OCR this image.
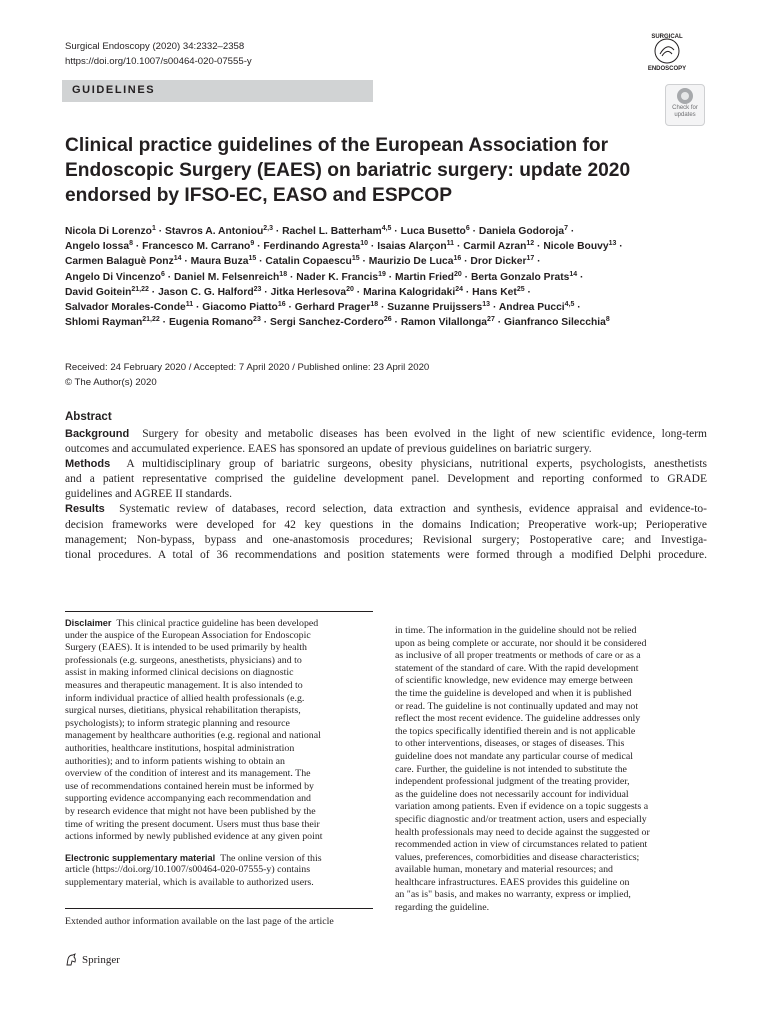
Surgical Endoscopy (2020) 34:2332–2358
https://doi.org/10.1007/s00464-020-07555-y
SURGICAL
ENDOSCOPY
GUIDELINES
Check for
updates
Clinical practice guidelines of the European Association for Endoscopic Surgery (EAES) on bariatric surgery: update 2020 endorsed by IFSO-EC, EASO and ESPCOP
Nicola Di Lorenzo$^1$ · Stavros A. Antoniou$^{2,3}$ · Rachel L. Batterham$^{4,5}$ · Luca Busetto$^6$ · Daniela Godoroja$^7$ ·
Angelo Iossa$^8$ · Francesco M. Carrano$^9$ · Ferdinando Agresta$^{10}$ · Isaias Alarçon$^{11}$ · Carmil Azran$^{12}$ · Nicole Bouvy$^{13}$ ·
Carmen Balaguè Ponz$^{14}$ · Maura Buza$^{15}$ · Catalin Copaescu$^{15}$ · Maurizio De Luca$^{16}$ · Dror Dicker$^{17}$ ·
Angelo Di Vincenzo$^6$ · Daniel M. Felsenreich$^{18}$ · Nader K. Francis$^{19}$ · Martin Fried$^{20}$ · Berta Gonzalo Prats$^{14}$ ·
David Goitein$^{21,22}$ · Jason C. G. Halford$^{23}$ · Jitka Herlesova$^{20}$ · Marina Kalogridaki$^{24}$ · Hans Ket$^{25}$ ·
Salvador Morales-Conde$^{11}$ · Giacomo Piatto$^{16}$ · Gerhard Prager$^{18}$ · Suzanne Pruijssers$^{13}$ · Andrea Pucci$^{4,5}$ ·
Shlomi Rayman$^{21,22}$ · Eugenia Romano$^{23}$ · Sergi Sanchez-Cordero$^{26}$ · Ramon Vilallonga$^{27}$ · Gianfranco Silecchia$^8$
Received: 24 February 2020 / Accepted: 7 April 2020 / Published online: 23 April 2020
© The Author(s) 2020
Abstract
Background Surgery for obesity and metabolic diseases has been evolved in the light of new scientific evidence, long-term
outcomes and accumulated experience. EAES has sponsored an update of previous guidelines on bariatric surgery.
Methods A multidisciplinary group of bariatric surgeons, obesity physicians, nutritional experts, psychologists, anesthetists
and a patient representative comprised the guideline development panel. Development and reporting conformed to GRADE
guidelines and AGREE II standards.
Results Systematic review of databases, record selection, data extraction and synthesis, evidence appraisal and evidence-to-
decision frameworks were developed for 42 key questions in the domains Indication; Preoperative work-up; Perioperative
management; Non-bypass, bypass and one-anastomosis procedures; Revisional surgery; Postoperative care; and Investiga-
tional procedures. A total of 36 recommendations and position statements were formed through a modified Delphi procedure.
Disclaimer This clinical practice guideline has been developed
under the auspice of the European Association for Endoscopic
Surgery (EAES). It is intended to be used primarily by health
professionals (e.g. surgeons, anesthetists, physicians) and to
assist in making informed clinical decisions on diagnostic
measures and therapeutic management. It is also intended to
inform individual practice of allied health professionals (e.g.
surgical nurses, dietitians, physical rehabilitation therapists,
psychologists); to inform strategic planning and resource
management by healthcare authorities (e.g. regional and national
authorities, healthcare institutions, hospital administration
authorities); and to inform patients wishing to obtain an
overview of the condition of interest and its management. The
use of recommendations contained herein must be informed by
supporting evidence accompanying each recommendation and
by research evidence that might not have been published by the
time of writing the present document. Users must thus base their
actions informed by newly published evidence at any given point
Electronic supplementary material The online version of this
article (https://doi.org/10.1007/s00464-020-07555-y) contains
supplementary material, which is available to authorized users.
Extended author information available on the last page of the article
in time. The information in the guideline should not be relied
upon as being complete or accurate, nor should it be considered
as inclusive of all proper treatments or methods of care or as a
statement of the standard of care. With the rapid development
of scientific knowledge, new evidence may emerge between
the time the guideline is developed and when it is published
or read. The guideline is not continually updated and may not
reflect the most recent evidence. The guideline addresses only
the topics specifically identified therein and is not applicable
to other interventions, diseases, or stages of diseases. This
guideline does not mandate any particular course of medical
care. Further, the guideline is not intended to substitute the
independent professional judgment of the treating provider,
as the guideline does not necessarily account for individual
variation among patients. Even if evidence on a topic suggests a
specific diagnostic and/or treatment action, users and especially
health professionals may need to decide against the suggested or
recommended action in view of circumstances related to patient
values, preferences, comorbidities and disease characteristics;
available human, monetary and material resources; and
healthcare infrastructures. EAES provides this guideline on
an "as is" basis, and makes no warranty, express or implied,
regarding the guideline.
Springer
